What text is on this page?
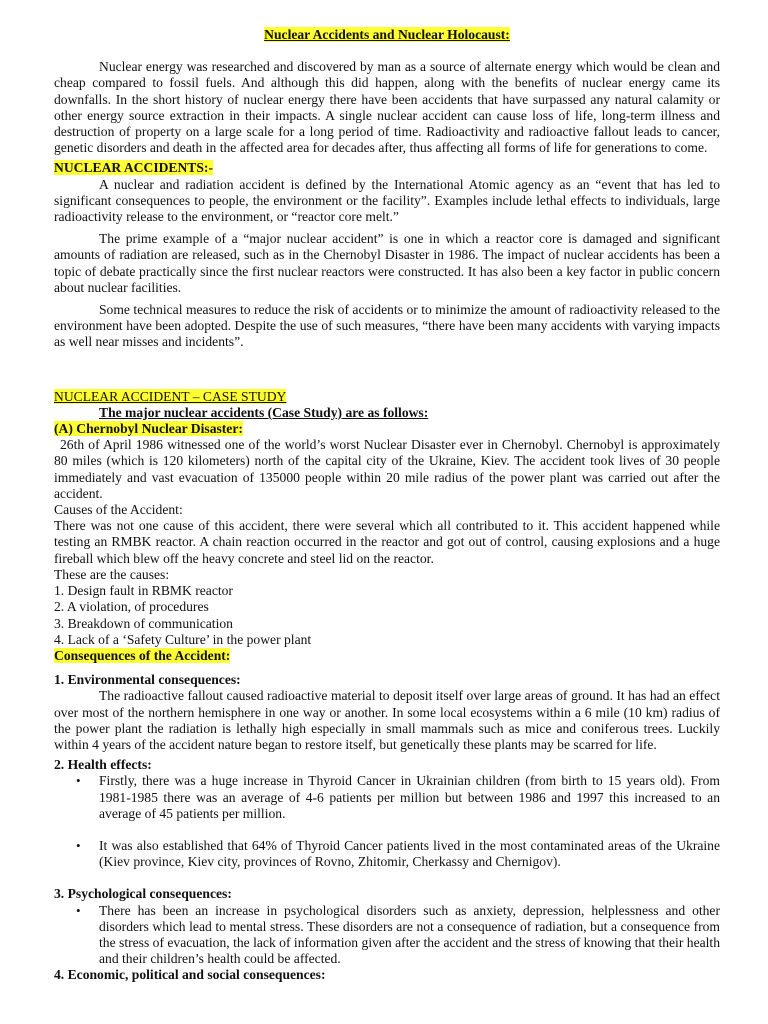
Nuclear Accidents and Nuclear Holocaust:

Nuclear energy was researched and discovered by man as a source of alternate energy which would be clean and cheap compared to fossil fuels. And although this did happen, along with the benefits of nuclear energy came its downfalls. In the short history of nuclear energy there have been accidents that have surpassed any natural calamity or other energy source extraction in their impacts. A single nuclear accident can cause loss of life, long-term illness and destruction of property on a large scale for a long period of time. Radioactivity and radioactive fallout leads to cancer, genetic disorders and death in the affected area for decades after, thus affecting all forms of life for generations to come.

NUCLEAR ACCIDENTS:-

A nuclear and radiation accident is defined by the International Atomic agency as an “event that has led to significant consequences to people, the environment or the facility”. Examples include lethal effects to individuals, large radioactivity release to the environment, or “reactor core melt.”

The prime example of a “major nuclear accident” is one in which a reactor core is damaged and significant amounts of radiation are released, such as in the Chernobyl Disaster in 1986. The impact of nuclear accidents has been a topic of debate practically since the first nuclear reactors were constructed. It has also been a key factor in public concern about nuclear facilities.

Some technical measures to reduce the risk of accidents or to minimize the amount of radioactivity released to the environment have been adopted. Despite the use of such measures, “there have been many accidents with varying impacts as well near misses and incidents”.

NUCLEAR ACCIDENT – CASE STUDY

The major nuclear accidents (Case Study) are as follows:

(A) Chernobyl Nuclear Disaster:

26th of April 1986 witnessed one of the world’s worst Nuclear Disaster ever in Chernobyl. Chernobyl is approximately 80 miles (which is 120 kilometers) north of the capital city of the Ukraine, Kiev. The accident took lives of 30 people immediately and vast evacuation of 135000 people within 20 mile radius of the power plant was carried out after the accident.

Causes of the Accident:

There was not one cause of this accident, there were several which all contributed to it. This accident happened while testing an RMBK reactor. A chain reaction occurred in the reactor and got out of control, causing explosions and a huge fireball which blew off the heavy concrete and steel lid on the reactor.

These are the causes:

1. Design fault in RBMK reactor

2. A violation, of procedures

3. Breakdown of communication

4. Lack of a ‘Safety Culture’ in the power plant

Consequences of the Accident:

1. Environmental consequences:

The radioactive fallout caused radioactive material to deposit itself over large areas of ground. It has had an effect over most of the northern hemisphere in one way or another. In some local ecosystems within a 6 mile (10 km) radius of the power plant the radiation is lethally high especially in small mammals such as mice and coniferous trees. Luckily within 4 years of the accident nature began to restore itself, but genetically these plants may be scarred for life.

2. Health effects:

• Firstly, there was a huge increase in Thyroid Cancer in Ukrainian children (from birth to 15 years old). From 1981-1985 there was an average of 4-6 patients per million but between 1986 and 1997 this increased to an average of 45 patients per million.
• It was also established that 64% of Thyroid Cancer patients lived in the most contaminated areas of the Ukraine (Kiev province, Kiev city, provinces of Rovno, Zhitomir, Cherkassy and Chernigov).

3. Psychological consequences:

• There has been an increase in psychological disorders such as anxiety, depression, helplessness and other disorders which lead to mental stress. These disorders are not a consequence of radiation, but a consequence from the stress of evacuation, the lack of information given after the accident and the stress of knowing that their health and their children’s health could be affected.

4. Economic, political and social consequences:
